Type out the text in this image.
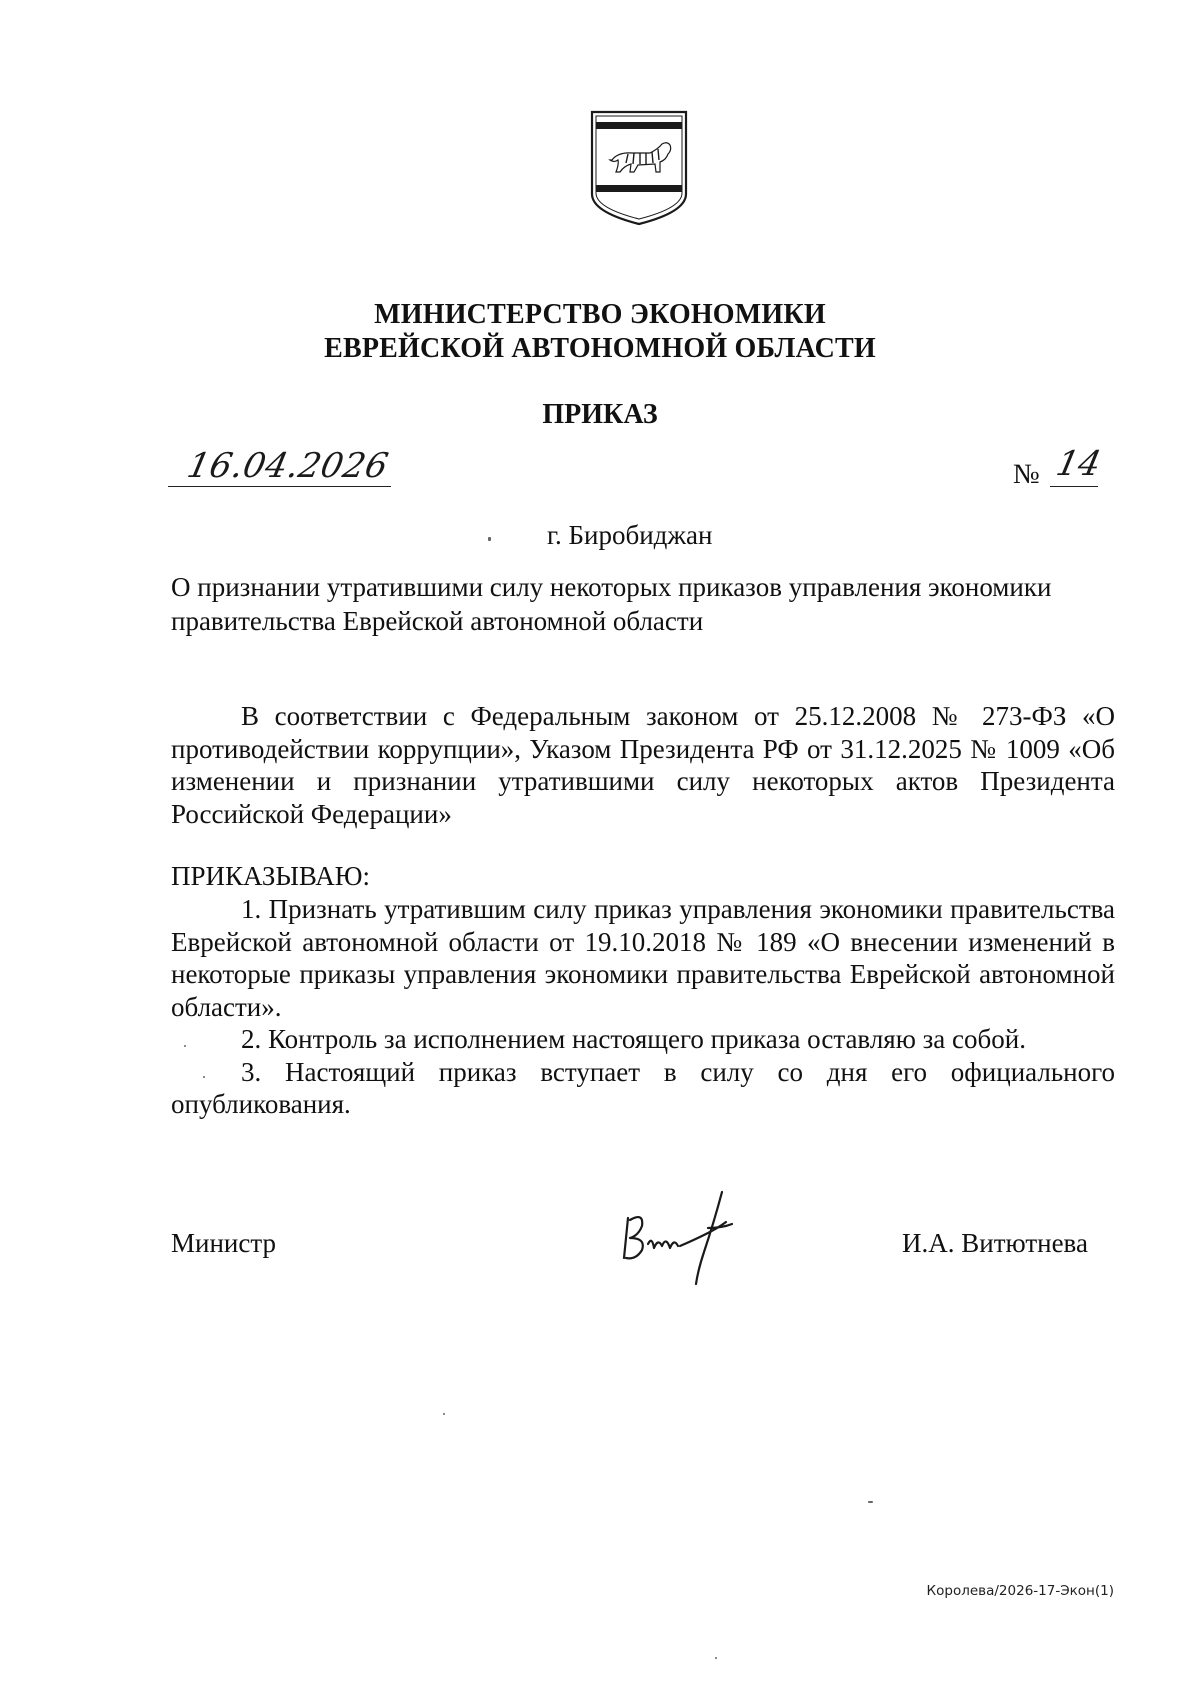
МИНИСТЕРСТВО ЭКОНОМИКИ
ЕВРЕЙСКОЙ АВТОНОМНОЙ ОБЛАСТИ
ПРИКАЗ
16.04.2026	№ 14
г. Биробиджан
О признании утратившими силу некоторых приказов управления экономики
правительства Еврейской автономной области
В соответствии с Федеральным законом от 25.12.2008 № 273-ФЗ «О противодействии коррупции», Указом Президента РФ от 31.12.2025 № 1009 «Об изменении и признании утратившими силу некоторых актов Президента Российской Федерации»
ПРИКАЗЫВАЮ:

1. Признать утратившим силу приказ управления экономики правительства Еврейской автономной области от 19.10.2018 № 189 «О внесении изменений в некоторые приказы управления экономики правительства Еврейской автономной области».

2. Контроль за исполнением настоящего приказа оставляю за собой.

3. Настоящий приказ вступает в силу со дня его официального опубликования.

Министр	И.А. Витютнева
Королева/2026-17-Экон(1)
